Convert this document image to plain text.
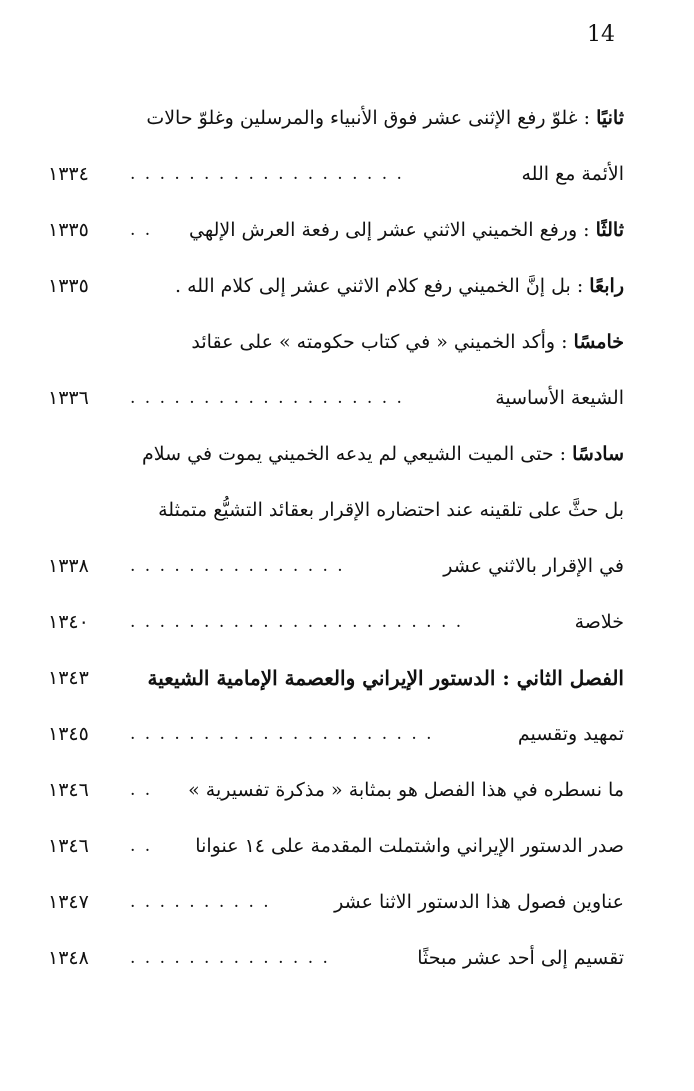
14
ثانيًا : غلوّ رفع الإثنى عشر فوق الأنبياء والمرسلين وغلوّ حالات
الأئمة مع الله
. . . . . . . . . . . . . . . . . . .
١٣٣٤
ثالثًا : ورفع الخميني الاثني عشر إلى رفعة العرش الإلهي
. .
١٣٣٥
رابعًا : بل إنَّ الخميني رفع كلام الاثني عشر إلى كلام الله .
١٣٣٥
خامسًا : وأكد الخميني « في كتاب حكومته » على عقائد
الشيعة الأساسية
. . . . . . . . . . . . . . . . . . .
١٣٣٦
سادسًا : حتى الميت الشيعي لم يدعه الخميني يموت في سلام
بل حثَّ على تلقينه عند احتضاره الإقرار بعقائد التشيُّع متمثلة
في الإقرار بالاثني عشر
. . . . . . . . . . . . . . .
١٣٣٨
خلاصة
. . . . . . . . . . . . . . . . . . . . . . .
١٣٤٠
الفصل الثاني : الدستور الإيراني والعصمة الإمامية الشيعية
١٣٤٣
تمهيد وتقسيم
. . . . . . . . . . . . . . . . . . . . .
١٣٤٥
ما نسطره في هذا الفصل هو بمثابة « مذكرة تفسيرية »
. .
١٣٤٦
صدر الدستور الإيراني واشتملت المقدمة على ١٤ عنوانا
. .
١٣٤٦
عناوين فصول هذا الدستور الاثنا عشر
. . . . . . . . . .
١٣٤٧
تقسيم إلى أحد عشر مبحثًا
. . . . . . . . . . . . . .
١٣٤٨
